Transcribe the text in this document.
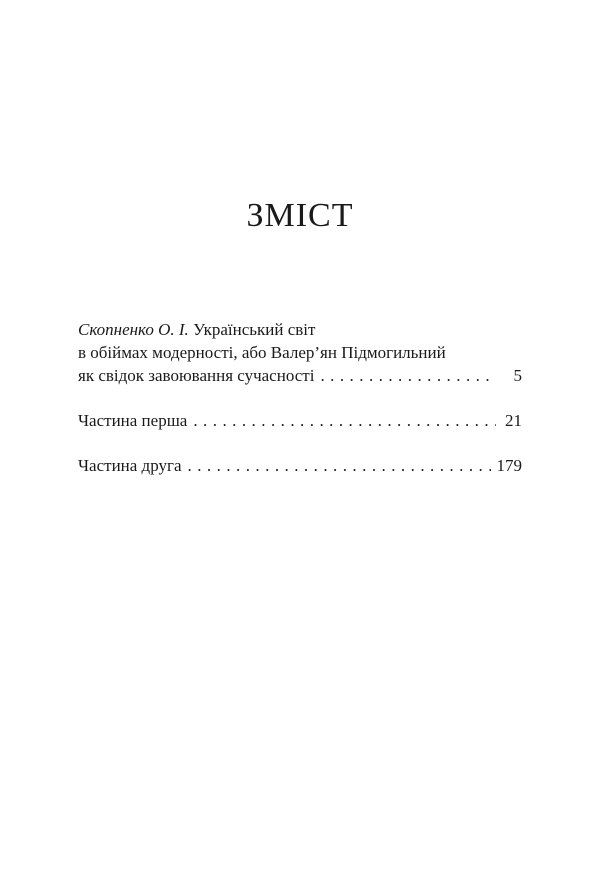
ЗМІСТ
Скопненко О. І. Український світ
в обіймах модерності, або Валер’ян Підмогильний
як свідок завоювання сучасності . . .	5
Частина перша . . .	21
Частина друга . . .	179
